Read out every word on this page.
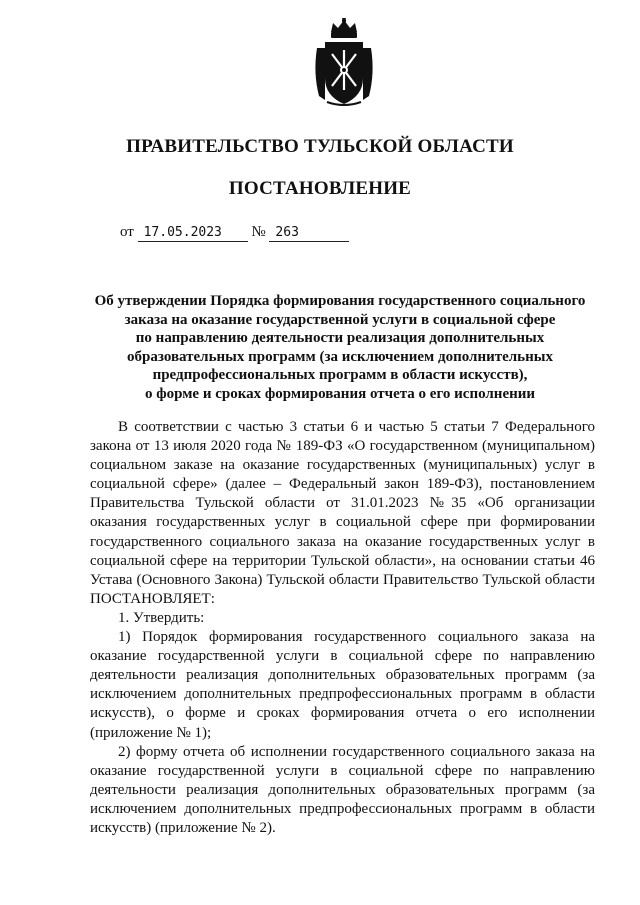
ПРАВИТЕЛЬСТВО ТУЛЬСКОЙ ОБЛАСТИ
ПОСТАНОВЛЕНИЕ
от 17.05.2023 № 263
Об утверждении Порядка формирования государственного социального
заказа на оказание государственной услуги в социальной сфере
по направлению деятельности реализация дополнительных
образовательных программ (за исключением дополнительных
предпрофессиональных программ в области искусств),
о форме и сроках формирования отчета о его исполнении

В соответствии с частью 3 статьи 6 и частью 5 статьи 7 Федерального закона от 13 июля 2020 года № 189-ФЗ «О государственном (муниципальном) социальном заказе на оказание государственных (муниципальных) услуг в социальной сфере» (далее – Федеральный закон 189-ФЗ), постановлением Правительства Тульской области от 31.01.2023 №35 «Об организации оказания государственных услуг в социальной сфере при формировании государственного социального заказа на оказание государственных услуг в социальной сфере на территории Тульской области», на основании статьи 46 Устава (Основного Закона) Тульской области Правительство Тульской области ПОСТАНОВЛЯЕТ:

1. Утвердить:

1) Порядок формирования государственного социального заказа на оказание государственной услуги в социальной сфере по направлению деятельности реализация дополнительных образовательных программ (за исключением дополнительных предпрофессиональных программ в области искусств), о форме и сроках формирования отчета о его исполнении (приложение № 1);

2) форму отчета об исполнении государственного социального заказа на оказание государственной услуги в социальной сфере по направлению деятельности реализация дополнительных образовательных программ (за исключением дополнительных предпрофессиональных программ в области искусств) (приложение № 2).
